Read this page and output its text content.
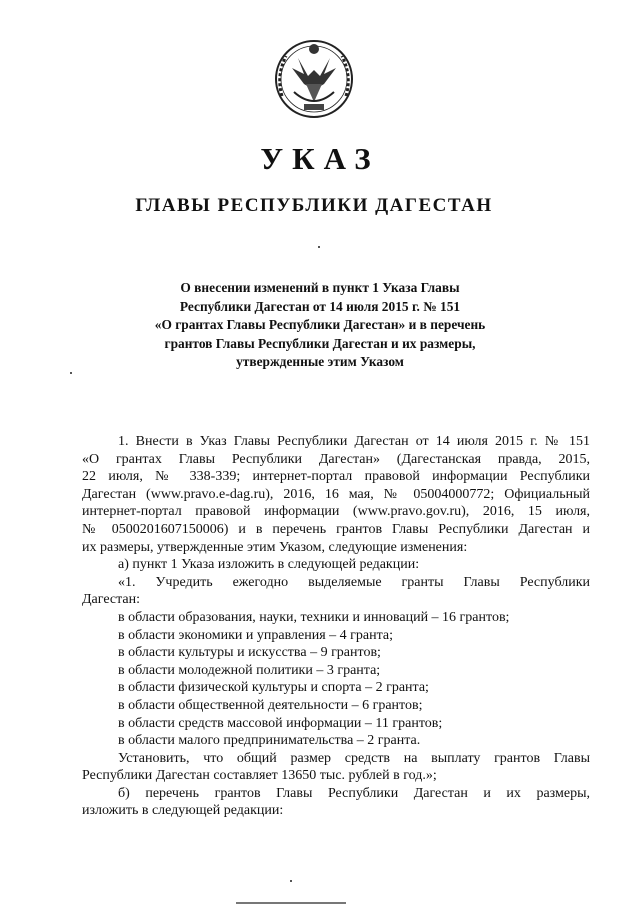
УКАЗ
ГЛАВЫ РЕСПУБЛИКИ ДАГЕСТАН
О внесении изменений в пункт 1 Указа Главы
Республики Дагестан от 14 июля 2015 г. № 151
«О грантах Главы Республики Дагестан» и в перечень
грантов Главы Республики Дагестан и их размеры,
утвержденные этим Указом

1. Внести в Указ Главы Республики Дагестан от 14 июля 2015 г. № 151

«О грантах Главы Республики Дагестан» (Дагестанская правда, 2015,

22 июля, № 338-339; интернет-портал правовой информации Республики

Дагестан (www.pravo.e-dag.ru), 2016, 16 мая, № 05004000772; Официальный

интернет-портал правовой информации (www.pravo.gov.ru), 2016, 15 июля,

№ 0500201607150006) и в перечень грантов Главы Республики Дагестан и

их размеры, утвержденные этим Указом, следующие изменения:

а) пункт 1 Указа изложить в следующей редакции:

«1. Учредить ежегодно выделяемые гранты Главы Республики

Дагестан:

в области образования, науки, техники и инноваций – 16 грантов;

в области экономики и управления – 4 гранта;

в области культуры и искусства – 9 грантов;

в области молодежной политики – 3 гранта;

в области физической культуры и спорта – 2 гранта;

в области общественной деятельности – 6 грантов;

в области средств массовой информации – 11 грантов;

в области малого предпринимательства – 2 гранта.

Установить, что общий размер средств на выплату грантов Главы

Республики Дагестан составляет 13650 тыс. рублей в год.»;

б) перечень грантов Главы Республики Дагестан и их размеры,

изложить в следующей редакции:
